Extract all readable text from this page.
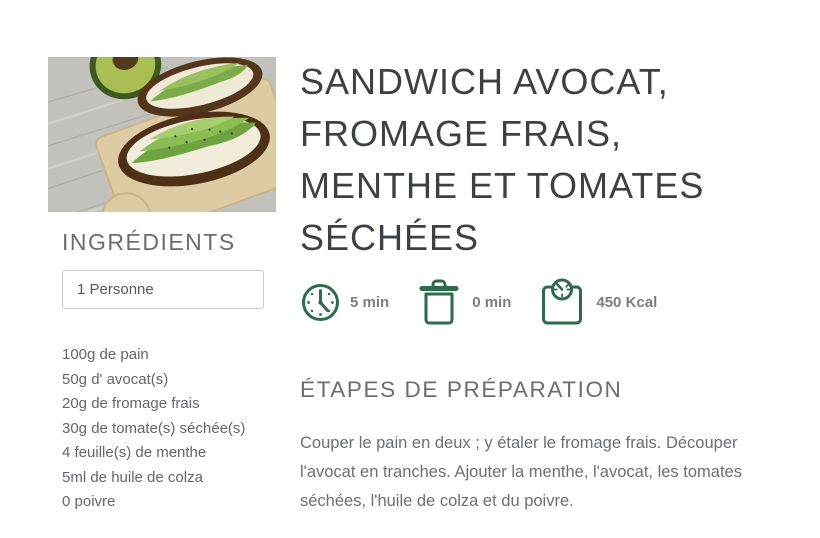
INGRÉDIENTS
1 Personne
100g de pain
50g d' avocat(s)
20g de fromage frais
30g de tomate(s) séchée(s)
4 feuille(s) de menthe
5ml de huile de colza
0 poivre
SANDWICH AVOCAT, FROMAGE FRAIS, MENTHE ET TOMATES SÉCHÉES
5 min	0 min	450 Kcal
ÉTAPES DE PRÉPARATION

Couper le pain en deux ; y étaler le fromage frais. Découper l'avocat en tranches. Ajouter la menthe, l'avocat, les tomates séchées, l'huile de colza et du poivre.
